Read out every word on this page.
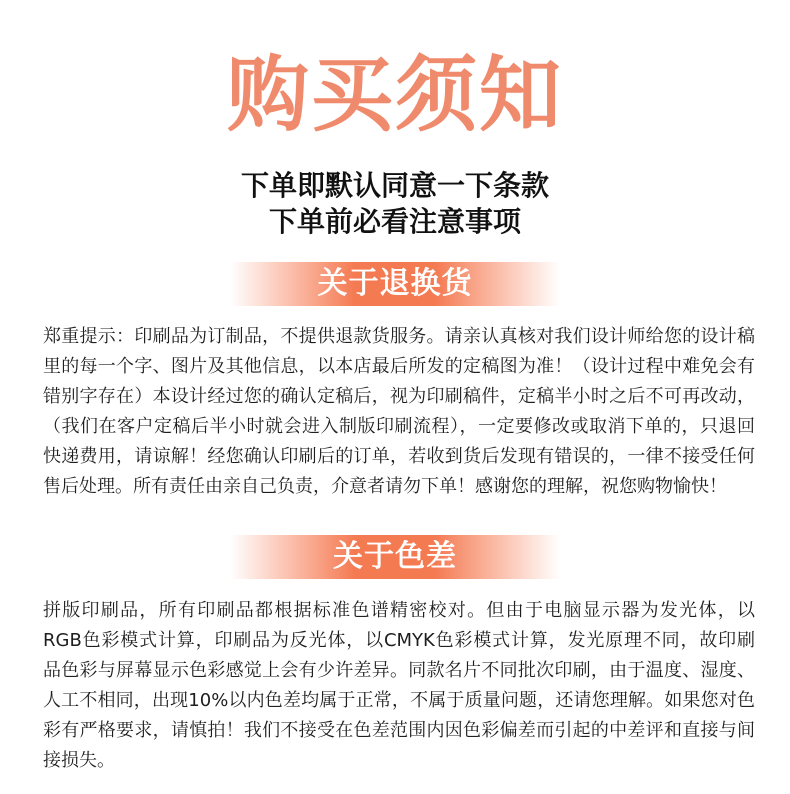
购买须知
下单即默认同意一下条款
下单前必看注意事项
关于退换货
郑重提示：印刷品为订制品，不提供退款货服务。请亲认真核对我们设计师给您的设计稿
里的每一个字、图片及其他信息，以本店最后所发的定稿图为准！（设计过程中难免会有
错别字存在）本设计经过您的确认定稿后，视为印刷稿件，定稿半小时之后不可再改动，
（我们在客户定稿后半小时就会进入制版印刷流程），一定要修改或取消下单的，只退回
快递费用，请谅解！经您确认印刷后的订单，若收到货后发现有错误的，一律不接受任何
售后处理。所有责任由亲自己负责，介意者请勿下单！感谢您的理解，祝您购物愉快！
关于色差
拼版印刷品，所有印刷品都根据标准色谱精密校对。但由于电脑显示器为发光体，以
RGB色彩模式计算，印刷品为反光体，以CMYK色彩模式计算，发光原理不同，故印刷
品色彩与屏幕显示色彩感觉上会有少许差异。同款名片不同批次印刷，由于温度、湿度、
人工不相同，出现10%以内色差均属于正常，不属于质量问题，还请您理解。如果您对色
彩有严格要求，请慎拍！我们不接受在色差范围内因色彩偏差而引起的中差评和直接与间
接损失。
